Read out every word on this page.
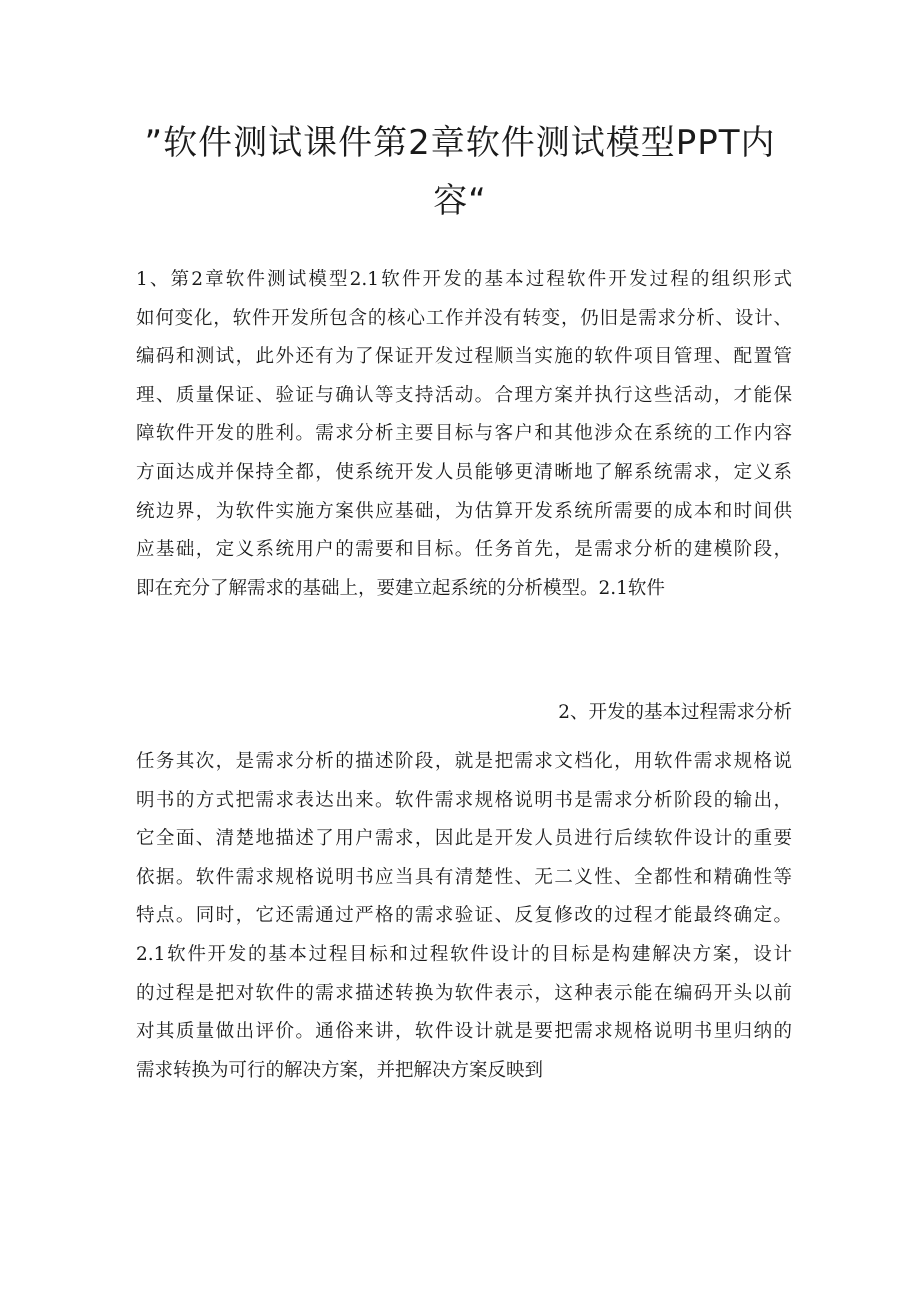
”软件测试课件第2章软件测试模型PPT内
容“
1、第2章软件测试模型2.1软件开发的基本过程软件开发过程的组织形式
如何变化，软件开发所包含的核心工作并没有转变，仍旧是需求分析、设计、
编码和测试，此外还有为了保证开发过程顺当实施的软件项目管理、配置管
理、质量保证、验证与确认等支持活动。合理方案并执行这些活动，才能保
障软件开发的胜利。需求分析主要目标与客户和其他涉众在系统的工作内容
方面达成并保持全都，使系统开发人员能够更清晰地了解系统需求，定义系
统边界，为软件实施方案供应基础，为估算开发系统所需要的成本和时间供
应基础，定义系统用户的需要和目标。任务首先，是需求分析的建模阶段，
即在充分了解需求的基础上，要建立起系统的分析模型。2.1软件
2、开发的基本过程需求分析
任务其次，是需求分析的描述阶段，就是把需求文档化，用软件需求规格说
明书的方式把需求表达出来。软件需求规格说明书是需求分析阶段的输出，
它全面、清楚地描述了用户需求，因此是开发人员进行后续软件设计的重要
依据。软件需求规格说明书应当具有清楚性、无二义性、全都性和精确性等
特点。同时，它还需通过严格的需求验证、反复修改的过程才能最终确定。
2.1软件开发的基本过程目标和过程软件设计的目标是构建解决方案，设计
的过程是把对软件的需求描述转换为软件表示，这种表示能在编码开头以前
对其质量做出评价。通俗来讲，软件设计就是要把需求规格说明书里归纳的
需求转换为可行的解决方案，并把解决方案反映到
